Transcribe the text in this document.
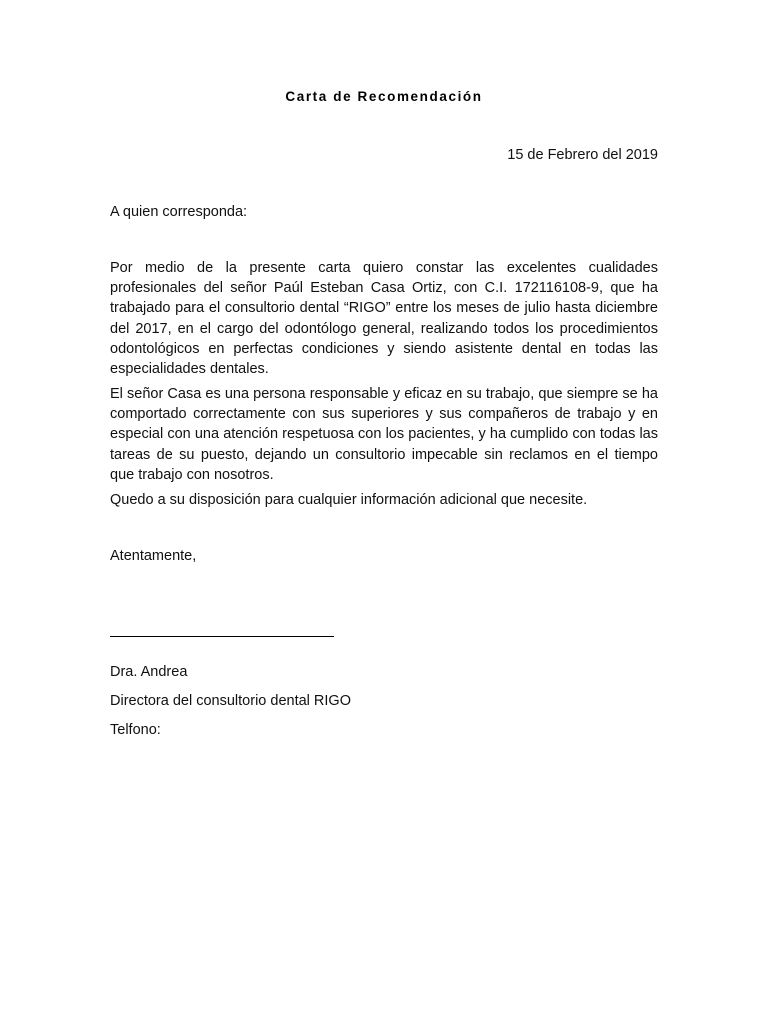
Carta de Recomendación
15 de Febrero del 2019
A quien corresponda:

Por medio de la presente carta quiero constar las excelentes cualidades profesionales del señor Paúl Esteban Casa Ortiz, con C.I. 172116108-9, que ha trabajado para el consultorio dental “RIGO” entre los meses de julio hasta diciembre del 2017, en el cargo del odontólogo general, realizando todos los procedimientos odontológicos en perfectas condiciones y siendo asistente dental en todas las especialidades dentales.

El señor Casa es una persona responsable y eficaz en su trabajo, que siempre se ha comportado correctamente con sus superiores y sus compañeros de trabajo y en especial con una atención respetuosa con los pacientes, y ha cumplido con todas las tareas de su puesto, dejando un consultorio impecable sin reclamos en el tiempo que trabajo con nosotros.

Quedo a su disposición para cualquier información adicional que necesite.

Atentamente,
Dra. Andrea
Directora del consultorio dental RIGO
Telfono:
